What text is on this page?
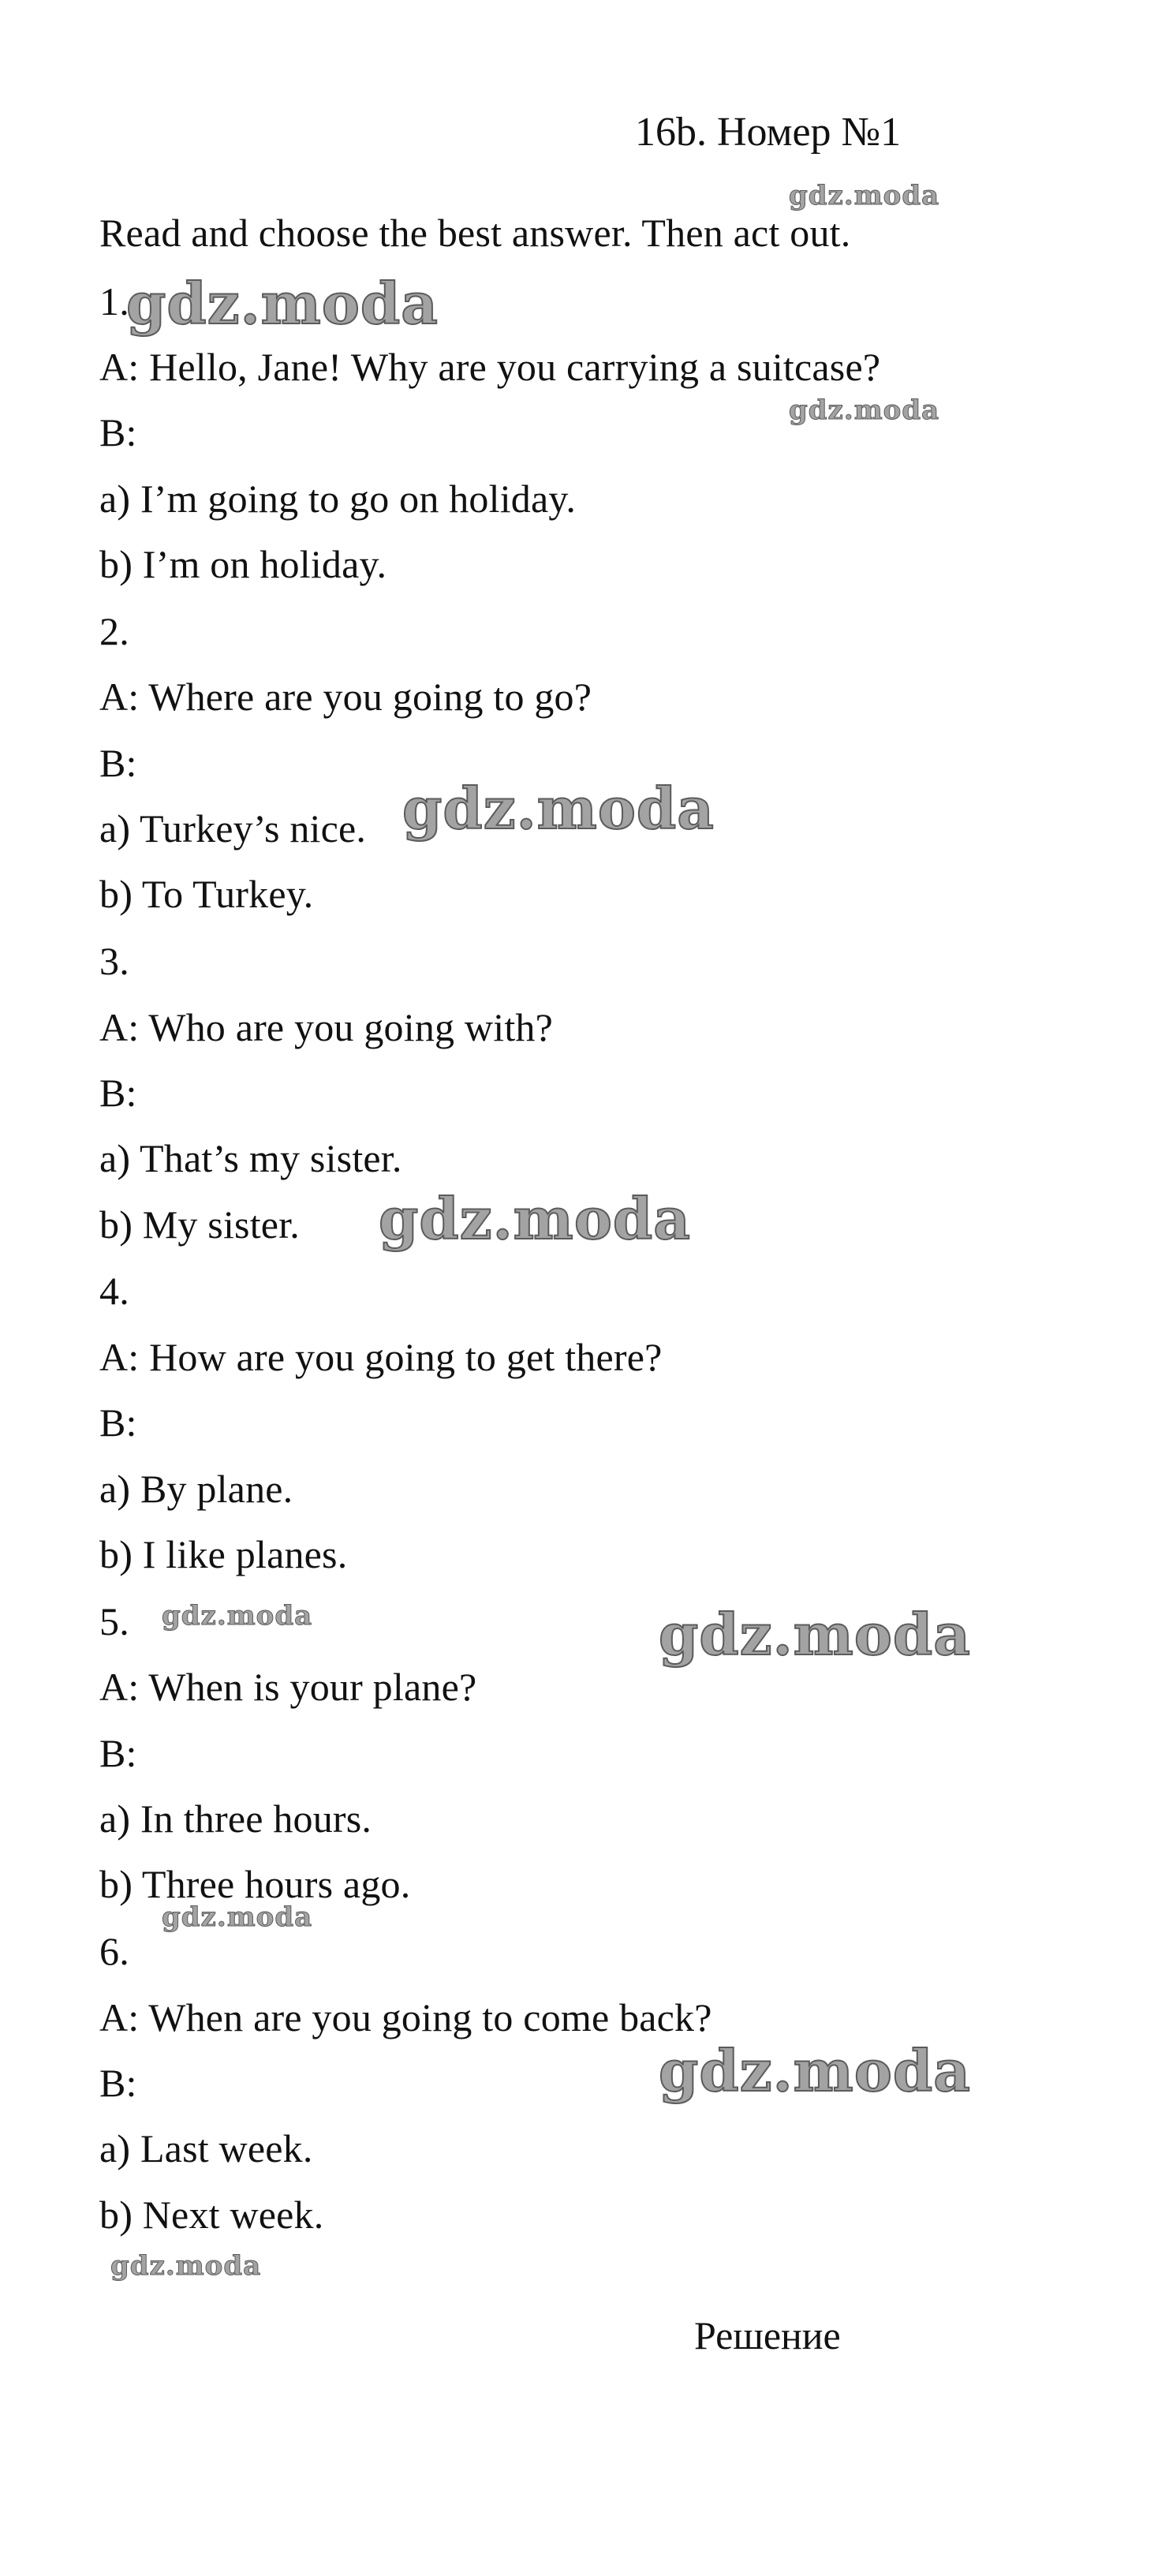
16b. Номер №1
Read and choose the best answer. Then act out.
1.
A: Hello, Jane! Why are you carrying a suitcase?
B:
a) I’m going to go on holiday.
b) I’m on holiday.
2.
A: Where are you going to go?
B:
a) Turkey’s nice.
b) To Turkey.
3.
A: Who are you going with?
B:
a) That’s my sister.
b) My sister.
4.
A: How are you going to get there?
B:
a) By plane.
b) I like planes.
5.
A: When is your plane?
B:
a) In three hours.
b) Three hours ago.
6.
A: When are you going to come back?
B:
a) Last week.
b) Next week.
Решение
gdz.moda
gdz.moda
gdz.moda
gdz.moda
gdz.moda
gdz.moda	gdz.moda
gdz.moda
gdz.moda
gdz.moda
